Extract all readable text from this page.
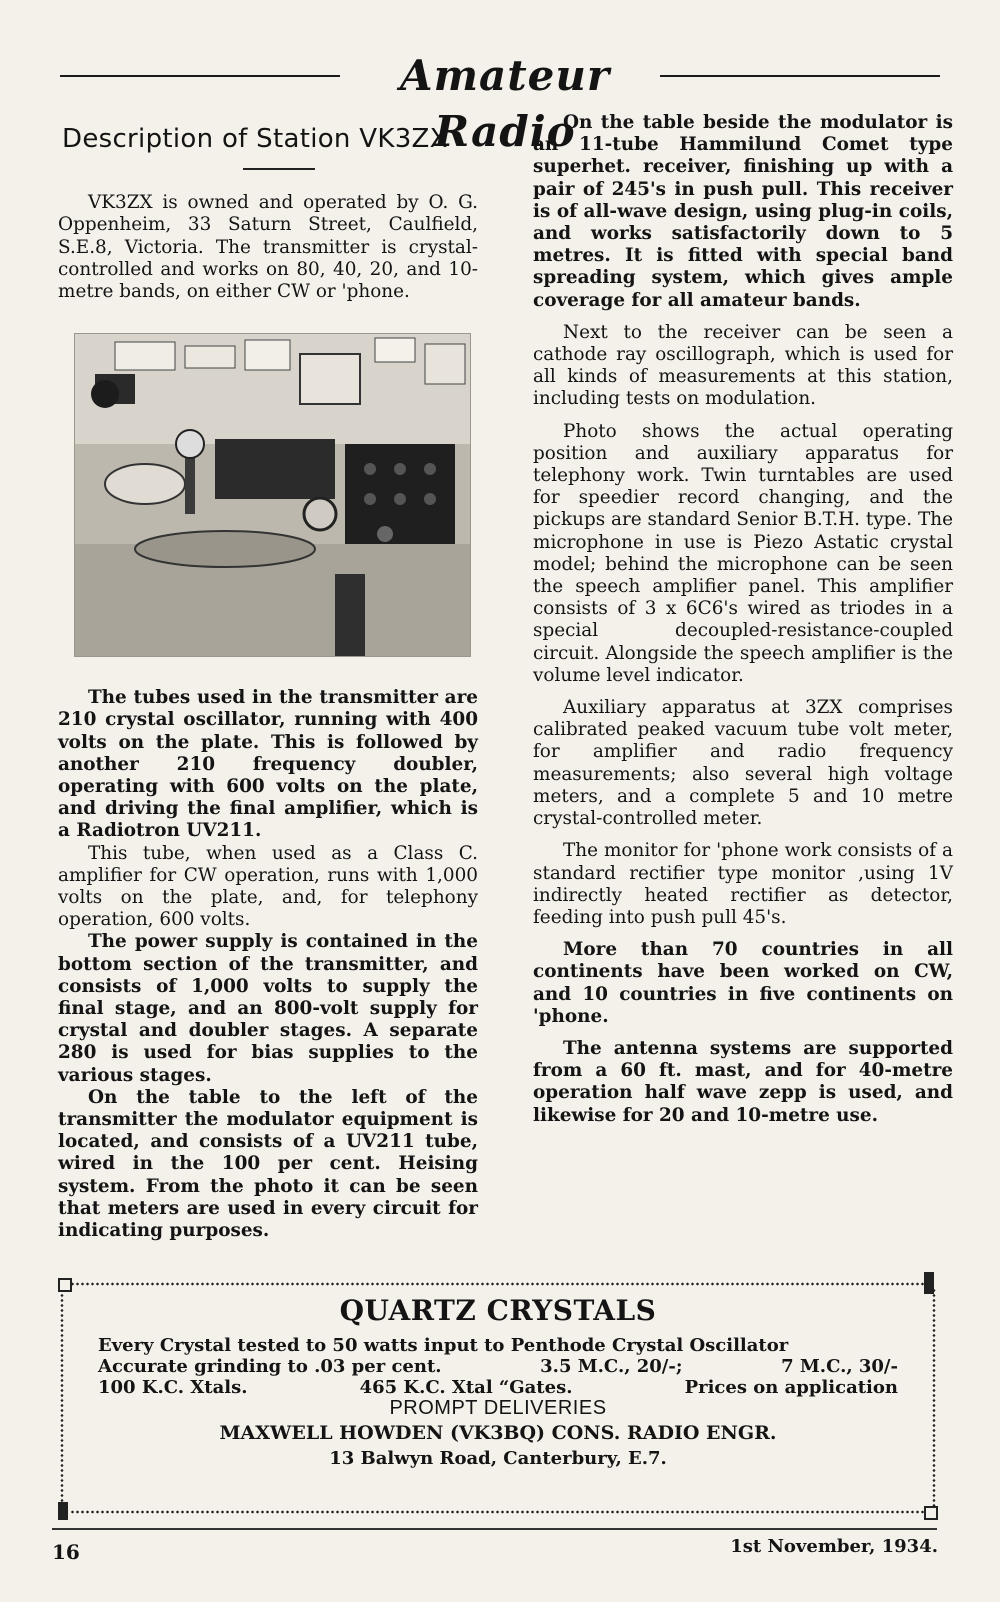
Amateur Radio
Description of Station VK3ZX

VK3ZX is owned and operated by O. G. Oppenheim, 33 Saturn Street, Caulfield, S.E.8, Victoria. The transmitter is crystal-controlled and works on 80, 40, 20, and 10-metre bands, on either CW or 'phone.

The tubes used in the transmitter are 210 crystal oscillator, running with 400 volts on the plate. This is followed by another 210 frequency doubler, operating with 600 volts on the plate, and driving the final amplifier, which is a Radiotron UV211.

This tube, when used as a Class C. amplifier for CW operation, runs with 1,000 volts on the plate, and, for telephony operation, 600 volts.

The power supply is contained in the bottom section of the transmitter, and consists of 1,000 volts to supply the final stage, and an 800-volt supply for crystal and doubler stages. A separate 280 is used for bias supplies to the various stages.

On the table to the left of the transmitter the modulator equipment is located, and consists of a UV211 tube, wired in the 100 per cent. Heising system. From the photo it can be seen that meters are used in every circuit for indicating purposes.

On the table beside the modulator is an 11-tube Hammilund Comet type superhet. receiver, finishing up with a pair of 245's in push pull. This receiver is of all-wave design, using plug-in coils, and works satisfactorily down to 5 metres. It is fitted with special band spreading system, which gives ample coverage for all amateur bands.

Next to the receiver can be seen a cathode ray oscillograph, which is used for all kinds of measurements at this station, including tests on modulation.

Photo shows the actual operating position and auxiliary apparatus for telephony work. Twin turntables are used for speedier record changing, and the pickups are standard Senior B.T.H. type. The microphone in use is Piezo Astatic crystal model; behind the microphone can be seen the speech amplifier panel. This amplifier consists of 3 x 6C6's wired as triodes in a special decoupled-resistance-coupled circuit. Alongside the speech amplifier is the volume level indicator.

Auxiliary apparatus at 3ZX comprises calibrated peaked vacuum tube volt meter, for amplifier and radio frequency measurements; also several high voltage meters, and a complete 5 and 10 metre crystal-controlled meter.

The monitor for 'phone work consists of a standard rectifier type monitor ,using 1V indirectly heated rectifier as detector, feeding into push pull 45's.

More than 70 countries in all continents have been worked on CW, and 10 countries in five continents on 'phone.

The antenna systems are supported from a 60 ft. mast, and for 40-metre operation half wave zepp is used, and likewise for 20 and 10-metre use.

QUARTZ CRYSTALS
Every Crystal tested to 50 watts input to Penthode Crystal Oscillator
Accurate grinding to .03 per cent.	3.5 M.C., 20/-;	7 M.C., 30/-
100 K.C. Xtals.	465 K.C. Xtal “Gates.	Prices on application
PROMPT DELIVERIES
MAXWELL HOWDEN (VK3BQ) CONS. RADIO ENGR.
13 Balwyn Road, Canterbury, E.7.
16	1st November, 1934.
